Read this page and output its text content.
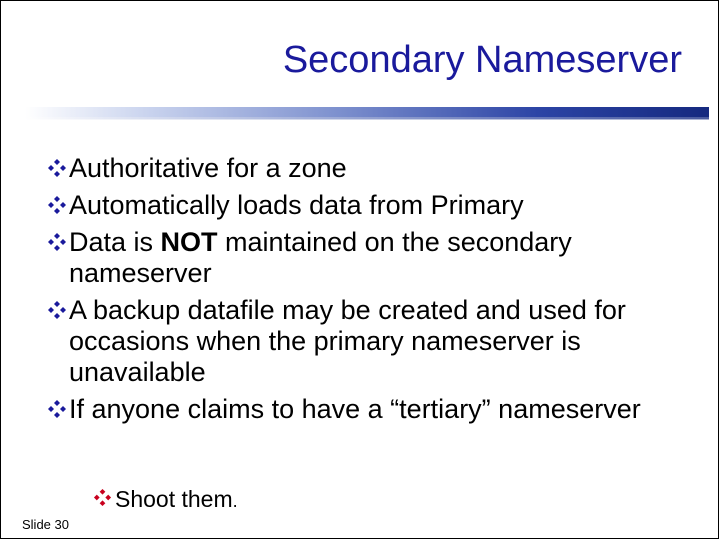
Secondary Nameserver
Authoritative for a zone
Automatically loads data from Primary
Data is NOT maintained on the secondary nameserver
A backup datafile may be created and used for occasions when the primary nameserver is unavailable
If anyone claims to have a “tertiary” nameserver
Shoot them.
Slide 30
